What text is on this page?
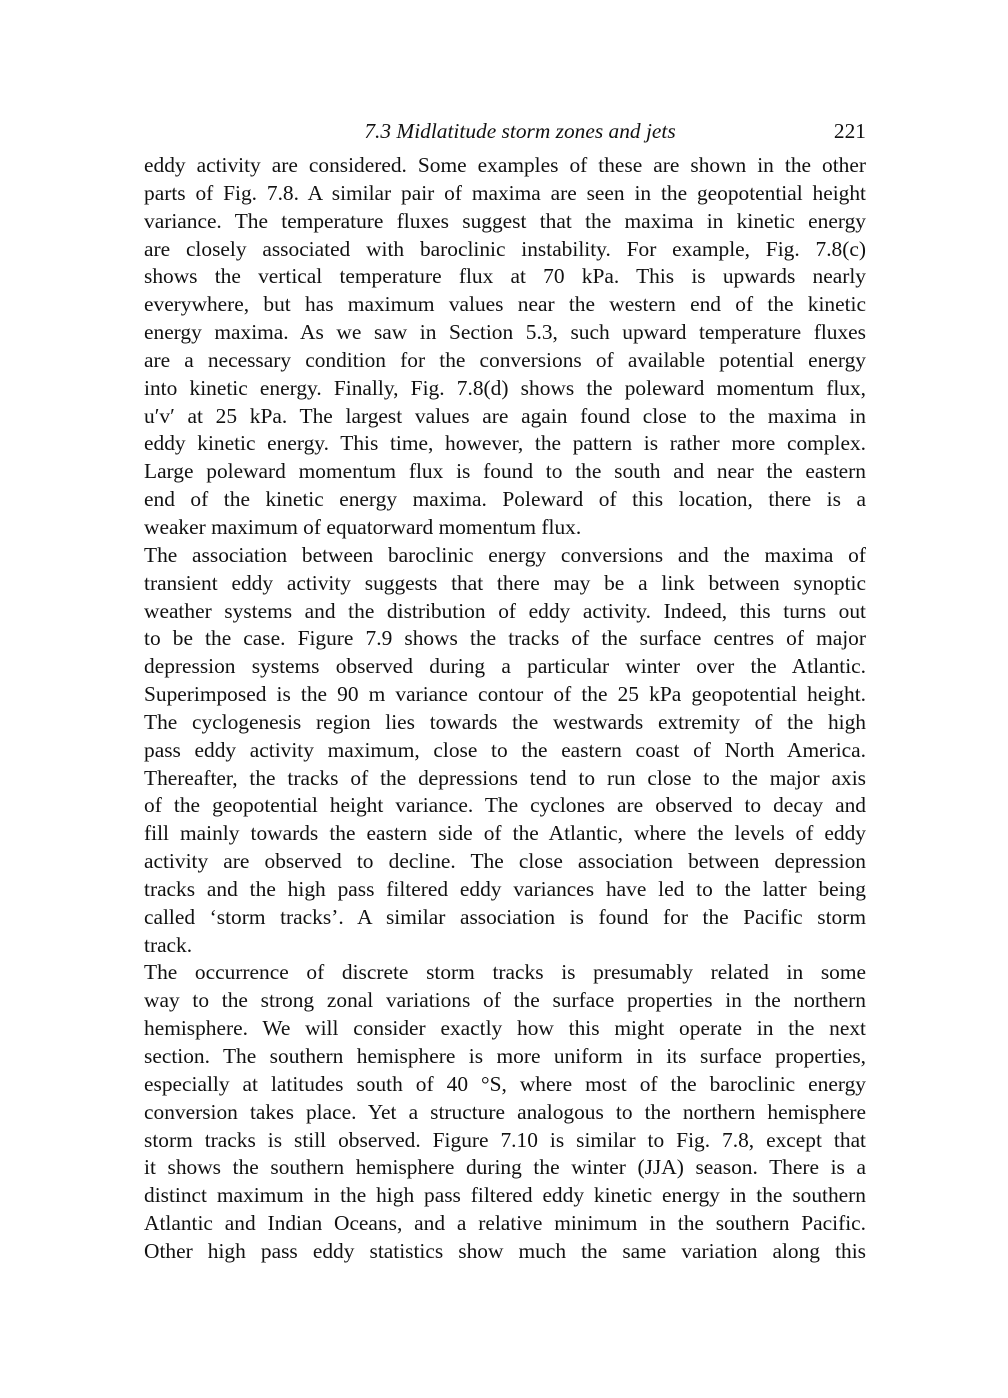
7.3 Midlatitude storm zones and jets	221
eddy activity are considered. Some examples of these are shown in the other
parts of Fig. 7.8. A similar pair of maxima are seen in the geopotential height
variance. The temperature fluxes suggest that the maxima in kinetic energy
are closely associated with baroclinic instability. For example, Fig. 7.8(c)
shows the vertical temperature flux at 70 kPa. This is upwards nearly
everywhere, but has maximum values near the western end of the kinetic
energy maxima. As we saw in Section 5.3, such upward temperature fluxes
are a necessary condition for the conversions of available potential energy
into kinetic energy. Finally, Fig. 7.8(d) shows the poleward momentum flux,
u′v′ at 25 kPa. The largest values are again found close to the maxima in
eddy kinetic energy. This time, however, the pattern is rather more complex.
Large poleward momentum flux is found to the south and near the eastern
end of the kinetic energy maxima. Poleward of this location, there is a
weaker maximum of equatorward momentum flux.
The association between baroclinic energy conversions and the maxima of
transient eddy activity suggests that there may be a link between synoptic
weather systems and the distribution of eddy activity. Indeed, this turns out
to be the case. Figure 7.9 shows the tracks of the surface centres of major
depression systems observed during a particular winter over the Atlantic.
Superimposed is the 90 m variance contour of the 25 kPa geopotential height.
The cyclogenesis region lies towards the westwards extremity of the high
pass eddy activity maximum, close to the eastern coast of North America.
Thereafter, the tracks of the depressions tend to run close to the major axis
of the geopotential height variance. The cyclones are observed to decay and
fill mainly towards the eastern side of the Atlantic, where the levels of eddy
activity are observed to decline. The close association between depression
tracks and the high pass filtered eddy variances have led to the latter being
called ‘storm tracks’. A similar association is found for the Pacific storm
track.
The occurrence of discrete storm tracks is presumably related in some
way to the strong zonal variations of the surface properties in the northern
hemisphere. We will consider exactly how this might operate in the next
section. The southern hemisphere is more uniform in its surface properties,
especially at latitudes south of 40 °S, where most of the baroclinic energy
conversion takes place. Yet a structure analogous to the northern hemisphere
storm tracks is still observed. Figure 7.10 is similar to Fig. 7.8, except that
it shows the southern hemisphere during the winter (JJA) season. There is a
distinct maximum in the high pass filtered eddy kinetic energy in the southern
Atlantic and Indian Oceans, and a relative minimum in the southern Pacific.
Other high pass eddy statistics show much the same variation along this
